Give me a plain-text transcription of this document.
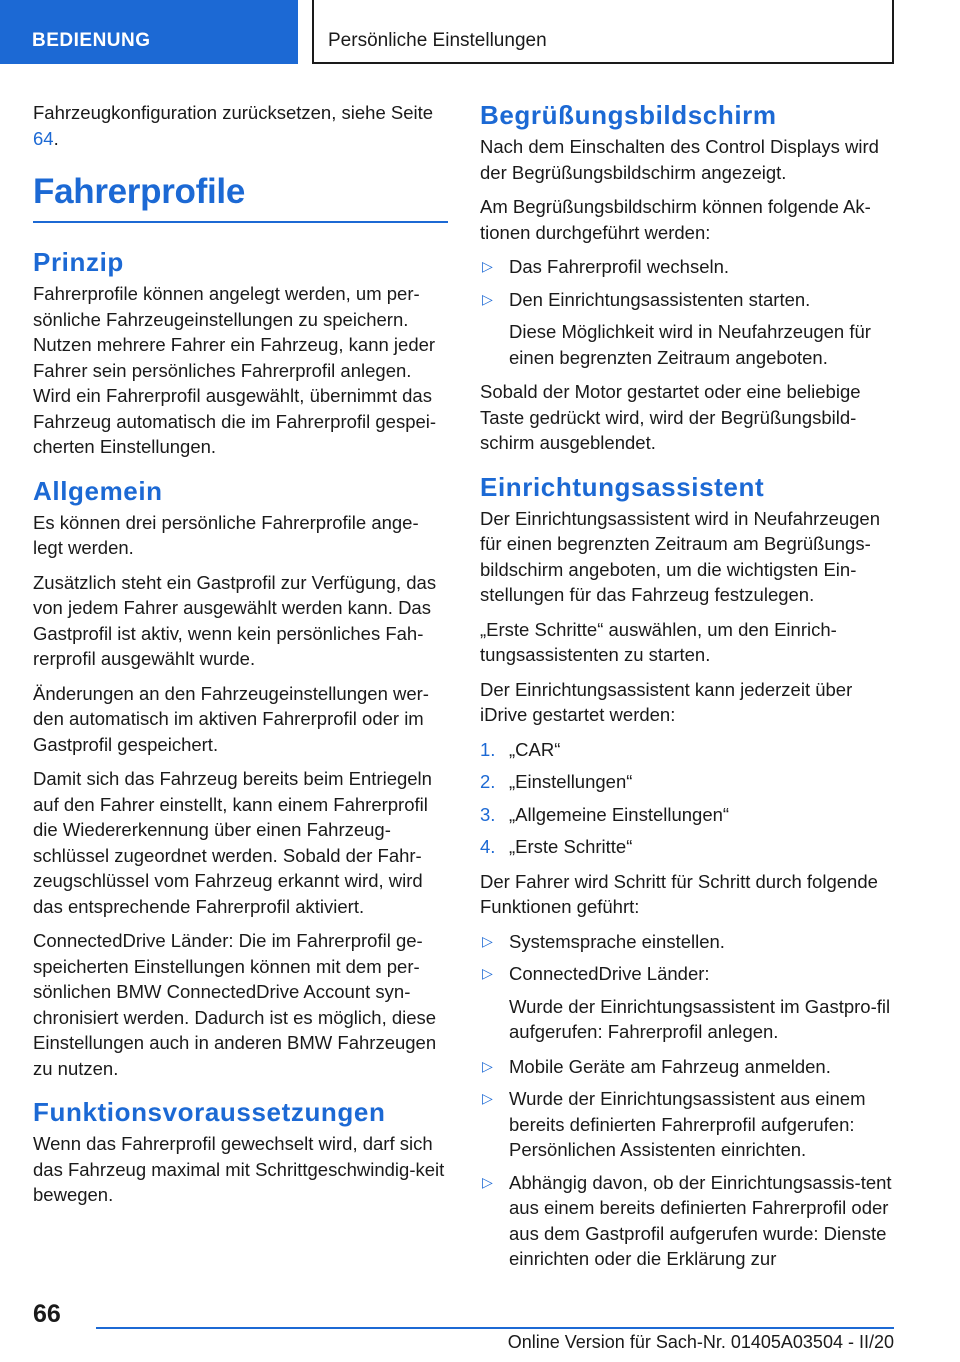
BEDIENUNG	Persönliche Einstellungen

Fahrzeugkonfiguration zurücksetzen, siehe Seite 64.

Fahrerprofile
Prinzip

Fahrerprofile können angelegt werden, um per-sönliche Fahrzeugeinstellungen zu speichern. Nutzen mehrere Fahrer ein Fahrzeug, kann jeder Fahrer sein persönliches Fahrerprofil anlegen. Wird ein Fahrerprofil ausgewählt, übernimmt das Fahrzeug automatisch die im Fahrerprofil gespei-cherten Einstellungen.

Allgemein

Es können drei persönliche Fahrerprofile ange-legt werden.

Zusätzlich steht ein Gastprofil zur Verfügung, das von jedem Fahrer ausgewählt werden kann. Das Gastprofil ist aktiv, wenn kein persönliches Fah-rerprofil ausgewählt wurde.

Änderungen an den Fahrzeugeinstellungen wer-den automatisch im aktiven Fahrerprofil oder im Gastprofil gespeichert.

Damit sich das Fahrzeug bereits beim Entriegeln auf den Fahrer einstellt, kann einem Fahrerprofil die Wiedererkennung über einen Fahrzeug-schlüssel zugeordnet werden. Sobald der Fahr-zeugschlüssel vom Fahrzeug erkannt wird, wird das entsprechende Fahrerprofil aktiviert.

ConnectedDrive Länder: Die im Fahrerprofil ge-speicherten Einstellungen können mit dem per-sönlichen BMW ConnectedDrive Account syn-chronisiert werden. Dadurch ist es möglich, diese Einstellungen auch in anderen BMW Fahrzeugen zu nutzen.

Funktionsvoraussetzungen

Wenn das Fahrerprofil gewechselt wird, darf sich das Fahrzeug maximal mit Schrittgeschwindig-keit bewegen.

Begrüßungsbildschirm

Nach dem Einschalten des Control Displays wird der Begrüßungsbildschirm angezeigt.

Am Begrüßungsbildschirm können folgende Ak-tionen durchgeführt werden:

▷ Das Fahrerprofil wechseln.
▷ Den Einrichtungsassistenten starten.

Diese Möglichkeit wird in Neufahrzeugen für einen begrenzten Zeitraum angeboten.

Sobald der Motor gestartet oder eine beliebige Taste gedrückt wird, wird der Begrüßungsbild-schirm ausgeblendet.

Einrichtungsassistent

Der Einrichtungsassistent wird in Neufahrzeugen für einen begrenzten Zeitraum am Begrüßungs-bildschirm angeboten, um die wichtigsten Ein-stellungen für das Fahrzeug festzulegen.

„Erste Schritte“ auswählen, um den Einrich-tungsassistenten zu starten.

Der Einrichtungsassistent kann jederzeit über iDrive gestartet werden:

1. „CAR“
2. „Einstellungen“
3. „Allgemeine Einstellungen“
4. „Erste Schritte“

Der Fahrer wird Schritt für Schritt durch folgende Funktionen geführt:

▷ Systemsprache einstellen.
▷ ConnectedDrive Länder:

Wurde der Einrichtungsassistent im Gastpro-fil aufgerufen: Fahrerprofil anlegen.

▷ Mobile Geräte am Fahrzeug anmelden.
▷ Wurde der Einrichtungsassistent aus einem bereits definierten Fahrerprofil aufgerufen: Persönlichen Assistenten einrichten.
▷ Abhängig davon, ob der Einrichtungsassis-tent aus einem bereits definierten Fahrerprofil oder aus dem Gastprofil aufgerufen wurde: Dienste einrichten oder die Erklärung zur
66
Online Version für Sach-Nr. 01405A03504 - II/20
